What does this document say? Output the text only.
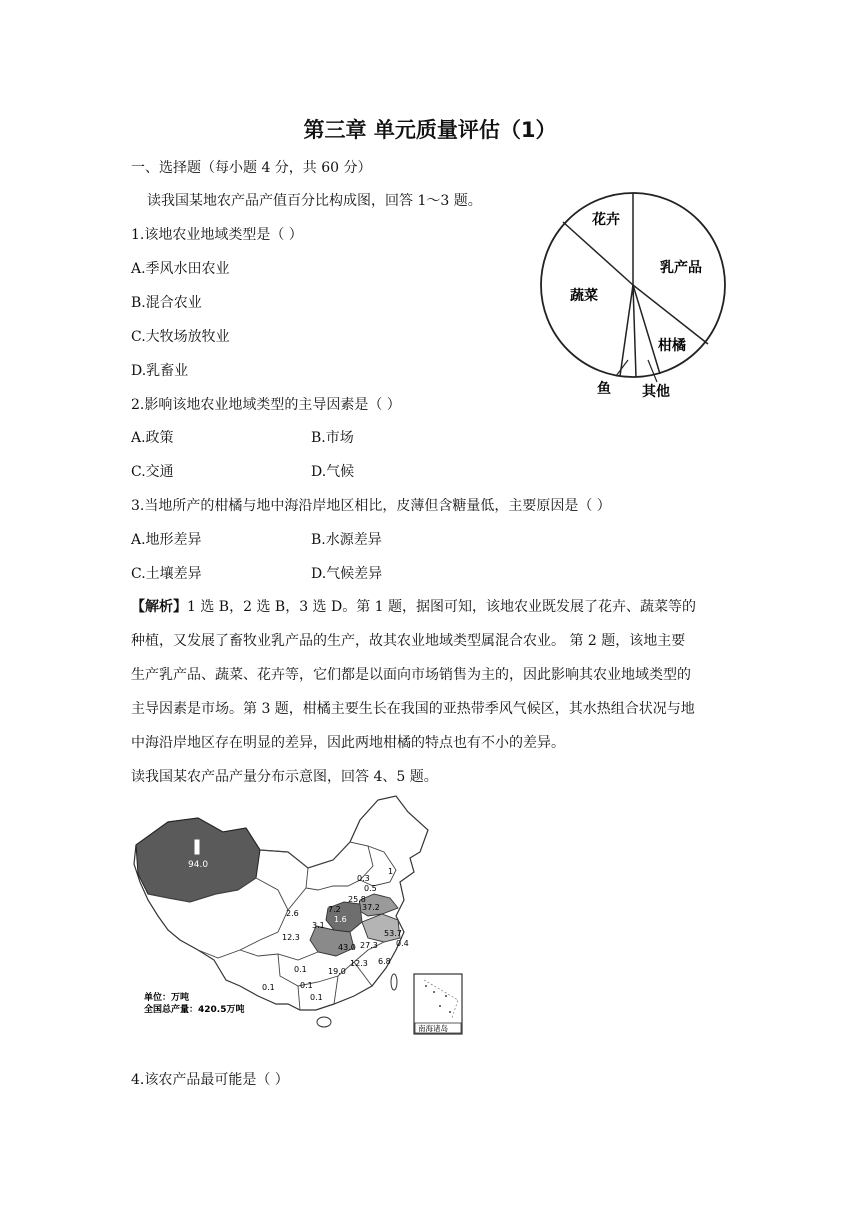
第三章 单元质量评估（1）
一、选择题（每小题 4 分，共 60 分）
读我国某地农产品产值百分比构成图，回答 1～3 题。
1.该地农业地域类型是（ ）
A.季风水田农业
B.混合农业
C.大牧场放牧业
D.乳畜业
2.影响该地农业地域类型的主导因素是（ ）
A.政策	B.市场
C.交通	D.气候
3.当地所产的柑橘与地中海沿岸地区相比，皮薄但含糖量低，主要原因是（ ）
A.地形差异	B.水源差异
C.土壤差异	D.气候差异
【解析】1 选 B，2 选 B，3 选 D。第 1 题，据图可知，该地农业既发展了花卉、蔬菜等的
种植，又发展了畜牧业乳产品的生产，故其农业地域类型属混合农业。 第 2 题，该地主要
生产乳产品、蔬菜、花卉等，它们都是以面向市场销售为主的，因此影响其农业地域类型的
主导因素是市场。第 3 题，柑橘主要生长在我国的亚热带季风气候区，其水热组合状况与地
中海沿岸地区存在明显的差异，因此两地柑橘的特点也有不小的差异。
读我国某农产品产量分布示意图，回答 4、5 题。
花卉
乳产品
蔬菜
柑橘
鱼 其他
94.0
0.3
0.5
1
25.8
37.2
2.6	7.2
3.1
1.6
53.7
12.3
43.0 27.3 0.4
12.3 6.8
19.0
0.1
0.1
0.1
0.1
单位：万吨
全国总产量：420.5万吨
南海诸岛
4.该农产品最可能是（ ）
